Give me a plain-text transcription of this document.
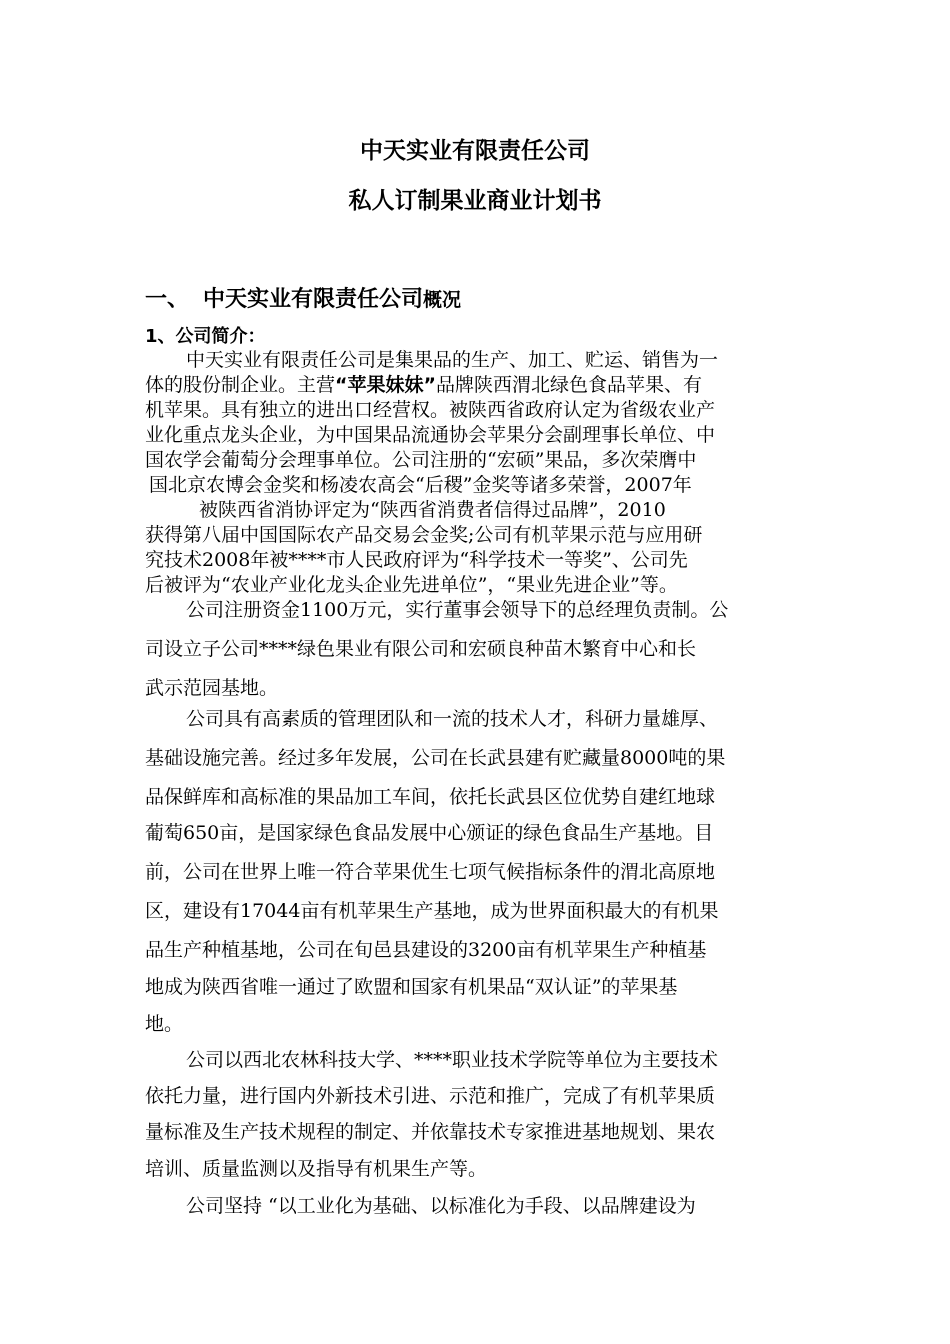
中天实业有限责任公司
私人订制果业商业计划书
一、 中天实业有限责任公司概况
1、公司简介：
中天实业有限责任公司是集果品的生产、加工、贮运、销售为一
体的股份制企业。主营“苹果妹妹”品牌陕西渭北绿色食品苹果、有
机苹果。具有独立的进出口经营权。被陕西省政府认定为省级农业产
业化重点龙头企业，为中国果品流通协会苹果分会副理事长单位、中
国农学会葡萄分会理事单位。公司注册的“宏硕”果品，多次荣膺中
国北京农博会金奖和杨凌农高会“后稷”金奖等诸多荣誉，2007年
被陕西省消协评定为“陕西省消费者信得过品牌”，2010
获得第八届中国国际农产品交易会金奖;公司有机苹果示范与应用研
究技术2008年被****市人民政府评为“科学技术一等奖”、公司先
后被评为“农业产业化龙头企业先进单位”，“果业先进企业”等。
公司注册资金1100万元，实行董事会领导下的总经理负责制。公
司设立子公司****绿色果业有限公司和宏硕良种苗木繁育中心和长
武示范园基地。
公司具有高素质的管理团队和一流的技术人才，科研力量雄厚、
基础设施完善。经过多年发展，公司在长武县建有贮藏量8000吨的果
品保鲜库和高标准的果品加工车间，依托长武县区位优势自建红地球
葡萄650亩，是国家绿色食品发展中心颁证的绿色食品生产基地。目
前，公司在世界上唯一符合苹果优生七项气候指标条件的渭北高原地
区，建设有17044亩有机苹果生产基地，成为世界面积最大的有机果
品生产种植基地，公司在旬邑县建设的3200亩有机苹果生产种植基
地成为陕西省唯一通过了欧盟和国家有机果品“双认证”的苹果基
地。
公司以西北农林科技大学、****职业技术学院等单位为主要技术
依托力量，进行国内外新技术引进、示范和推广，完成了有机苹果质
量标准及生产技术规程的制定、并依靠技术专家推进基地规划、果农
培训、质量监测以及指导有机果生产等。
公司坚持 “以工业化为基础、以标准化为手段、以品牌建设为
